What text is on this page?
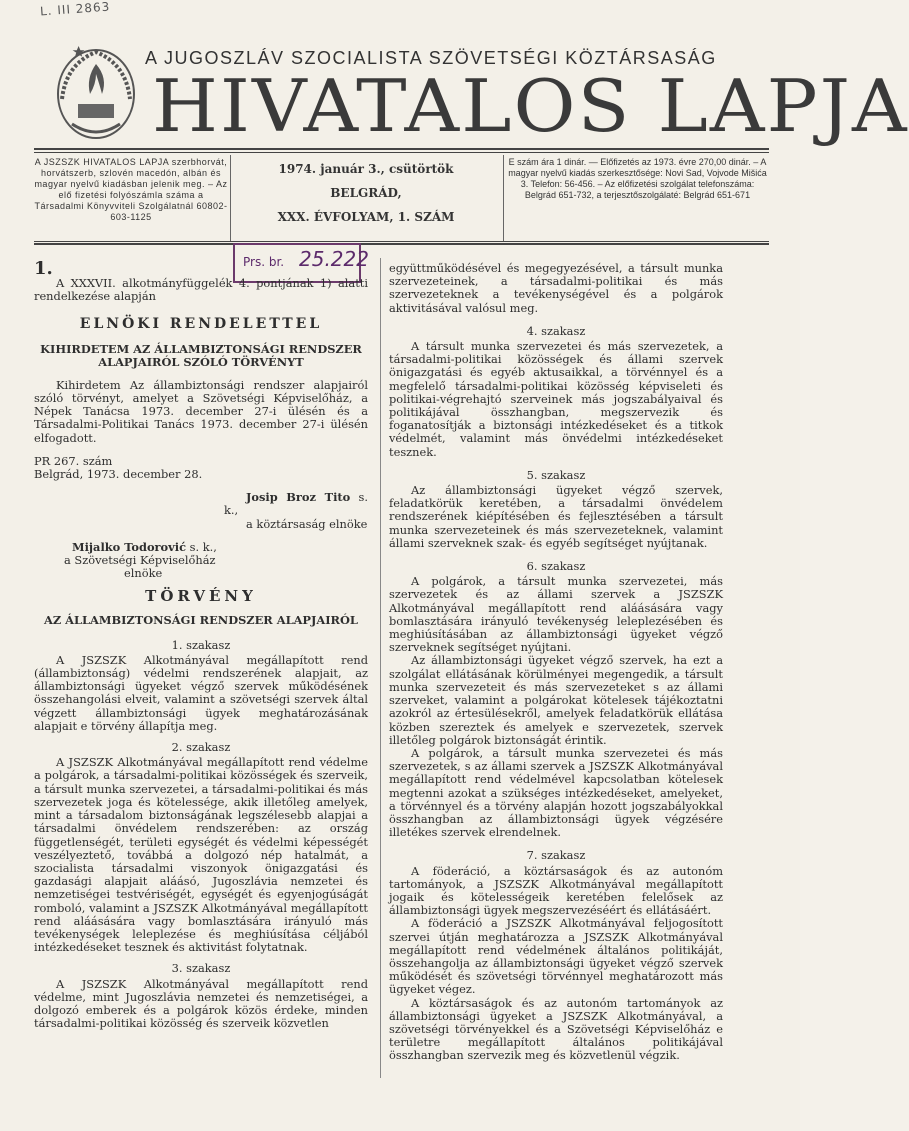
L. III 2863
A JUGOSZLÁV SZOCIALISTA SZÖVETSÉGI KÖZTÁRSASÁG
HIVATALOS LAPJA
A JSZSZK HIVATALOS LAPJA szerbhorvát, horvátszerb, szlovén macedón, albán és magyar nyelvű kiadásban jelenik meg. – Az elő fizetési folyószámla száma a Társadalmi Könyvviteli Szolgálatnál 60802-603-1125
1974. január 3., csütörtök
BELGRÁD,
XXX. ÉVFOLYAM, 1. SZÁM
E szám ára 1 dinár. — Előfizetés az 1973. évre 270,00 dinár. – A magyar nyelvű kiadás szerkesztősége: Novi Sad, Vojvode Mišića 3. Telefon: 56-456. – Az előfizetési szolgálat telefonszáma: Belgrád 651-732, a terjesztőszolgálaté: Belgrád 651-671
Prs. br. 25.222

1.

A XXXVII. alkotmányfüggelék 4. pontjának 1) alatti rendelkezése alapján

ELNÖKI RENDELETTEL
KIHIRDETEM AZ ÁLLAMBIZTONSÁGI RENDSZER ALAPJAIRÓL SZÓLÓ TÖRVÉNYT

Kihirdetem Az állambiztonsági rendszer alapjairól szóló törvényt, amelyet a Szövetségi Képviselőház, a Népek Tanácsa 1973. december 27-i ülésén és a Társadalmi-Politikai Tanács 1973. december 27-i ülésén elfogadott.

PR 267. szám

Belgrád, 1973. december 28.

Josip Broz Tito s. k.,

a köztársaság elnöke

Mijalko Todorović s. k.,

a Szövetségi Képviselőház

elnöke

TÖRVÉNY
AZ ÁLLAMBIZTONSÁGI RENDSZER ALAPJAIRÓL

1. szakasz

A JSZSZK Alkotmányával megállapított rend (állambiztonság) védelmi rendszerének alapjait, az állambiztonsági ügyeket végző szervek működésének összehangolási elveit, valamint a szövetségi szervek által végzett állambiztonsági ügyek meghatározásának alapjait e törvény állapítja meg.

2. szakasz

A JSZSZK Alkotmányával megállapított rend védelme a polgárok, a társadalmi-politikai közösségek és szerveik, a társult munka szervezetei, a társadalmi-politikai és más szervezetek joga és kötelessége, akik illetőleg amelyek, mint a társadalom biztonságának legszélesebb alapjai a társadalmi önvédelem rendszerében: az ország függetlenségét, területi egységét és védelmi képességét veszélyeztető, továbbá a dolgozó nép hatalmát, a szocialista társadalmi viszonyok önigazgatási és gazdasági alapjait aláásó, Jugoszlávia nemzetei és nemzetiségei testvériségét, egységét és egyenjogúságát romboló, valamint a JSZSZK Alkotmányával megállapított rend aláásására vagy bomlasztására irányuló más tevékenységek leleplezése és meghiúsítása céljából intézkedéseket tesznek és aktivitást folytatnak.

3. szakasz

A JSZSZK Alkotmányával megállapított rend védelme, mint Jugoszlávia nemzetei és nemzetiségei, a dolgozó emberek és a polgárok közös érdeke, minden társadalmi-politikai közösség és szerveik közvetlen

együttműködésével és megegyezésével, a társult munka szervezeteinek, a társadalmi-politikai és más szervezeteknek a tevékenységével és a polgárok aktivitásával valósul meg.

4. szakasz

A társult munka szervezetei és más szervezetek, a társadalmi-politikai közösségek és állami szervek önigazgatási és egyéb aktusaikkal, a törvénnyel és a megfelelő társadalmi-politikai közösség képviseleti és politikai-végrehajtó szerveinek más jogszabályaival és politikájával összhangban, megszervezik és foganatosítják a biztonsági intézkedéseket és a titkok védelmét, valamint más önvédelmi intézkedéseket tesznek.

5. szakasz

Az állambiztonsági ügyeket végző szervek, feladatkörük keretében, a társadalmi önvédelem rendszerének kiépítésében és fejlesztésében a társult munka szervezeteinek és más szervezeteknek, valamint állami szerveknek szak- és egyéb segítséget nyújtanak.

6. szakasz

A polgárok, a társult munka szervezetei, más szervezetek és az állami szervek a JSZSZK Alkotmányával megállapított rend aláásására vagy bomlasztására irányuló tevékenység leleplezésében és meghiúsításában az állambiztonsági ügyeket végző szerveknek segítséget nyújtani.

Az állambiztonsági ügyeket végző szervek, ha ezt a szolgálat ellátásának körülményei megengedik, a társult munka szervezeteit és más szervezeteket s az állami szerveket, valamint a polgárokat kötelesek tájékoztatni azokról az értesülésekről, amelyek feladatkörük ellátása közben szereztek és amelyek e szervezetek, szervek illetőleg polgárok biztonságát érintik.

A polgárok, a társult munka szervezetei és más szervezetek, s az állami szervek a JSZSZK Alkotmányával megállapított rend védelmével kapcsolatban kötelesek megtenni azokat a szükséges intézkedéseket, amelyeket, a törvénnyel és a törvény alapján hozott jogszabályokkal összhangban az állambiztonsági ügyek végzésére illetékes szervek elrendelnek.

7. szakasz

A föderáció, a köztársaságok és az autonóm tartományok, a JSZSZK Alkotmányával megállapított jogaik és kötelességeik keretében felelősek az állambiztonsági ügyek megszervezéséért és ellátásáért.

A föderáció a JSZSZK Alkotmányával feljogosított szervei útján meghatározza a JSZSZK Alkotmányával megállapított rend védelmének általános politikáját, összehangolja az állambiztonsági ügyeket végző szervek működését és szövetségi törvénnyel meghatározott más ügyeket végez.

A köztársaságok és az autonóm tartományok az állambiztonsági ügyeket a JSZSZK Alkotmányával, a szövetségi törvényekkel és a Szövetségi Képviselőház e területre megállapított általános politikájával összhangban szervezik meg és közvetlenül végzik.
